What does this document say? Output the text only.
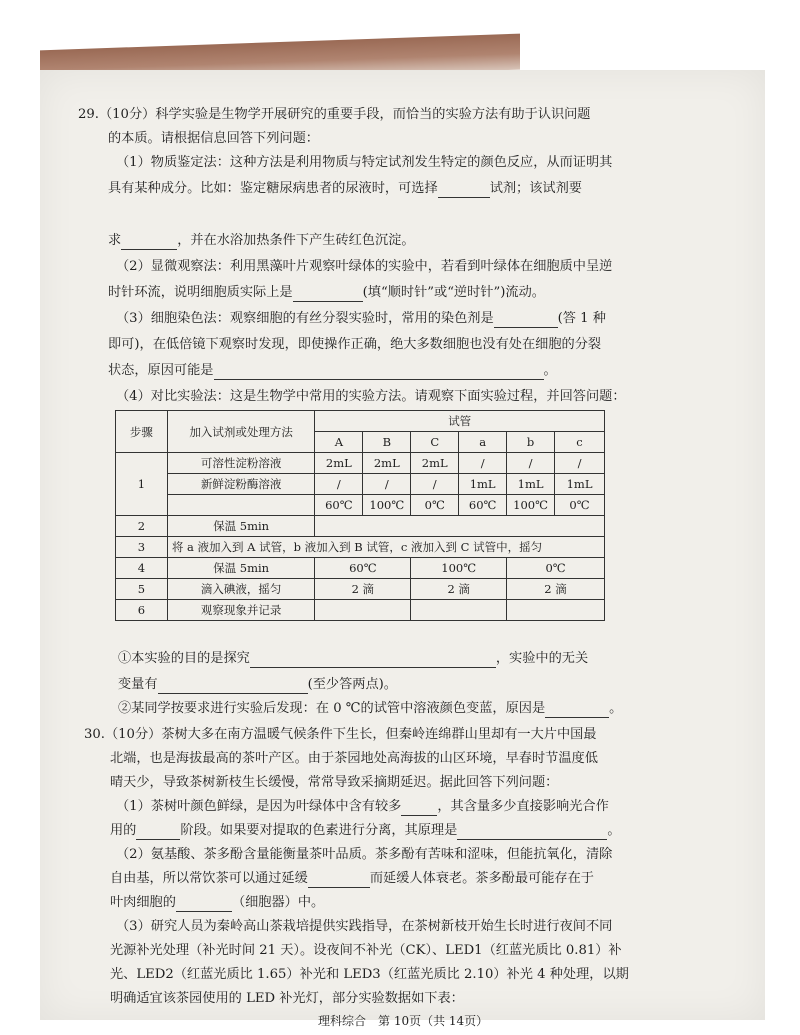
29.（10分）科学实验是生物学开展研究的重要手段，而恰当的实验方法有助于认识问题
的本质。请根据信息回答下列问题：
（1）物质鉴定法：这种方法是利用物质与特定试剂发生特定的颜色反应，从而证明其
具有某种成分。比如：鉴定糖尿病患者的尿液时，可选择	试剂；该试剂要
求	，并在水浴加热条件下产生砖红色沉淀。
（2）显微观察法：利用黑藻叶片观察叶绿体的实验中，若看到叶绿体在细胞质中呈逆
时针环流，说明细胞质实际上是	(填“顺时针”或“逆时针”)流动。
（3）细胞染色法：观察细胞的有丝分裂实验时，常用的染色剂是	(答 1 种
即可)，在低倍镜下观察时发现，即使操作正确，绝大多数细胞也没有处在细胞的分裂
状态，原因可能是	。
（4）对比实验法：这是生物学中常用的实验方法。请观察下面实验过程，并回答问题：
步骤	加入试剂或处理方法	试管					
		A	B	C	a	b	c
1	可溶性淀粉溶液	2mL	2mL	2mL	/	/	/
	新鲜淀粉酶溶液	/	/	/	1mL	1mL	1mL
		60℃	100℃	0℃	60℃	100℃	0℃
2	保温 5min						
3	将 a 液加入到 A 试管，b 液加入到 B 试管，c 液加入到 C 试管中，摇匀						
4	保温 5min	60℃		100℃		0℃	
5	滴入碘液，摇匀	2 滴		2 滴		2 滴	
6	观察现象并记录						
①本实验的目的是探究	，实验中的无关
变量有	(至少答两点)。
②某同学按要求进行实验后发现：在 0 ℃的试管中溶液颜色变蓝，原因是	。
30.（10分）茶树大多在南方温暖气候条件下生长，但秦岭连绵群山里却有一大片中国最
北端，也是海拔最高的茶叶产区。由于茶园地处高海拔的山区环境，早春时节温度低
晴天少，导致茶树新枝生长缓慢，常常导致采摘期延迟。据此回答下列问题：
（1）茶树叶颜色鲜绿，是因为叶绿体中含有较多	，其含量多少直接影响光合作
用的	阶段。如果要对提取的色素进行分离，其原理是	。
（2）氨基酸、茶多酚含量能衡量茶叶品质。茶多酚有苦味和涩味，但能抗氧化，清除
自由基，所以常饮茶可以通过延缓	而延缓人体衰老。茶多酚最可能存在于
叶肉细胞的	（细胞器）中。
（3）研究人员为秦岭高山茶栽培提供实践指导，在茶树新枝开始生长时进行夜间不同
光源补光处理（补光时间 21 天）。设夜间不补光（CK）、LED1（红蓝光质比 0.81）补
光、LED2（红蓝光质比 1.65）补光和 LED3（红蓝光质比 2.10）补光 4 种处理，以期
明确适宜该茶园使用的 LED 补光灯，部分实验数据如下表：
理科综合　第 10页（共 14页）
